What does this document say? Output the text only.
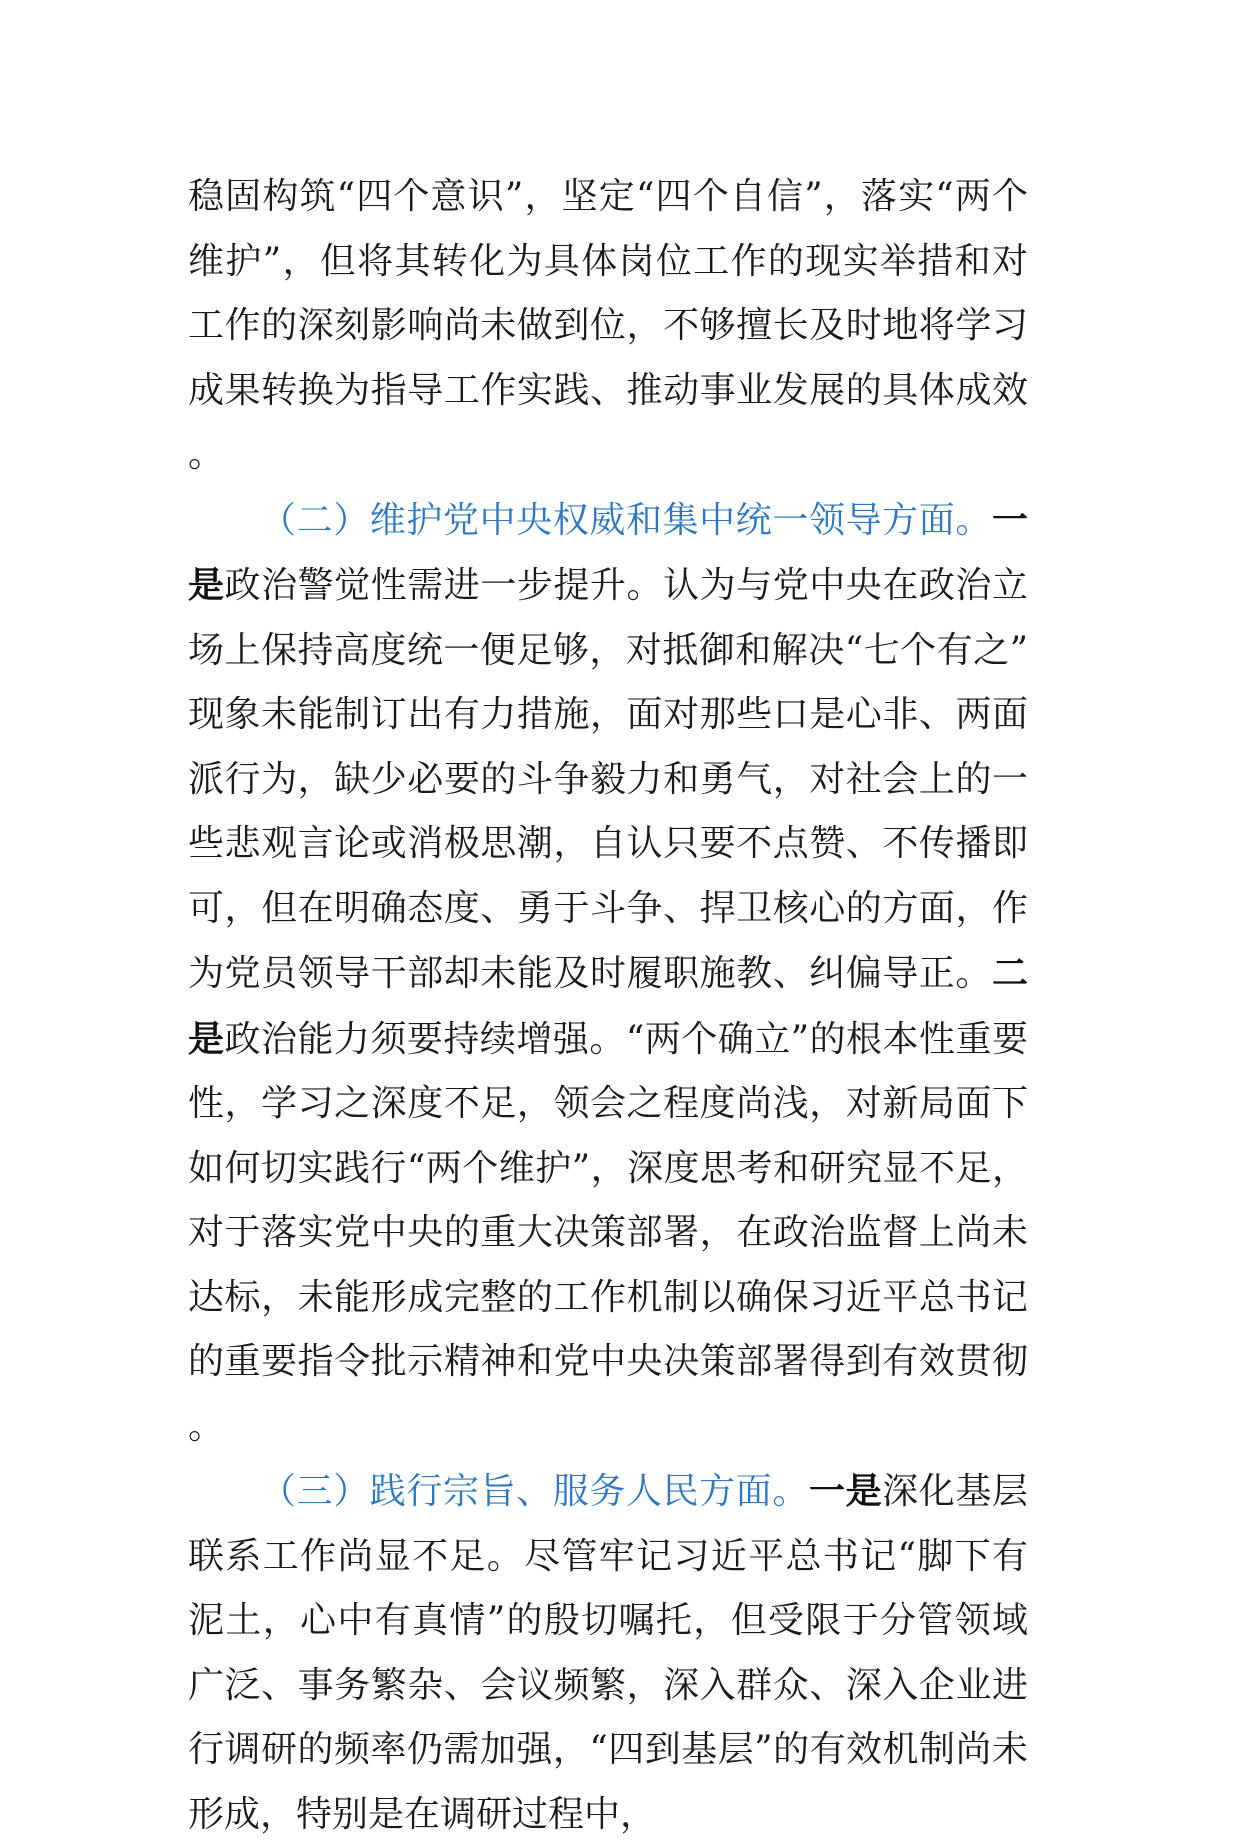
稳固构筑“四个意识”，坚定“四个自信”，落实“两个维护”，但将其转化为具体岗位工作的现实举措和对工作的深刻影响尚未做到位，不够擅长及时地将学习成果转换为指导工作实践、推动事业发展的具体成效。

（二）维护党中央权威和集中统一领导方面。一是政治警觉性需进一步提升。认为与党中央在政治立场上保持高度统一便足够，对抵御和解决“七个有之”现象未能制订出有力措施，面对那些口是心非、两面派行为，缺少必要的斗争毅力和勇气，对社会上的一些悲观言论或消极思潮，自认只要不点赞、不传播即可，但在明确态度、勇于斗争、捍卫核心的方面，作为党员领导干部却未能及时履职施教、纠偏导正。二是政治能力须要持续增强。“两个确立”的根本性重要性，学习之深度不足，领会之程度尚浅，对新局面下如何切实践行“两个维护”，深度思考和研究显不足，对于落实党中央的重大决策部署，在政治监督上尚未达标，未能形成完整的工作机制以确保习近平总书记的重要指令批示精神和党中央决策部署得到有效贯彻。

（三）践行宗旨、服务人民方面。一是深化基层联系工作尚显不足。尽管牢记习近平总书记“脚下有泥土，心中有真情”的殷切嘱托，但受限于分管领域广泛、事务繁杂、会议频繁，深入群众、深入企业进行调研的频率仍需加强，“四到基层”的有效机制尚未形成，特别是在调研过程中，
